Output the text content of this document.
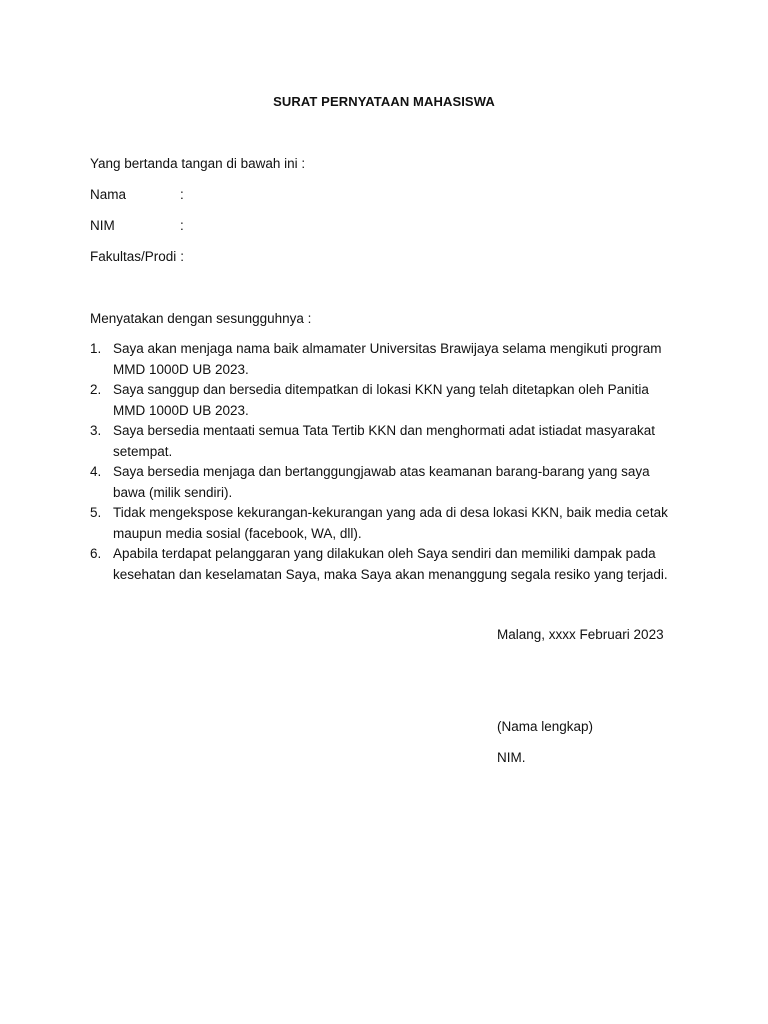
SURAT PERNYATAAN MAHASISWA
Yang bertanda tangan di bawah ini :
Nama	:
NIM	:
Fakultas/Prodi :
Menyatakan dengan sesungguhnya :
1. Saya akan menjaga nama baik almamater Universitas Brawijaya selama mengikuti program MMD 1000D UB 2023.
2. Saya sanggup dan bersedia ditempatkan di lokasi KKN yang telah ditetapkan oleh Panitia MMD 1000D UB 2023.
3. Saya bersedia mentaati semua Tata Tertib KKN dan menghormati adat istiadat masyarakat setempat.
4. Saya bersedia menjaga dan bertanggungjawab atas keamanan barang-barang yang saya bawa (milik sendiri).
5. Tidak mengekspose kekurangan-kekurangan yang ada di desa lokasi KKN, baik media cetak maupun media sosial (facebook, WA, dll).
6. Apabila terdapat pelanggaran yang dilakukan oleh Saya sendiri dan memiliki dampak pada kesehatan dan keselamatan Saya, maka Saya akan menanggung segala resiko yang terjadi.
Malang, xxxx Februari 2023
(Nama lengkap)
NIM.
